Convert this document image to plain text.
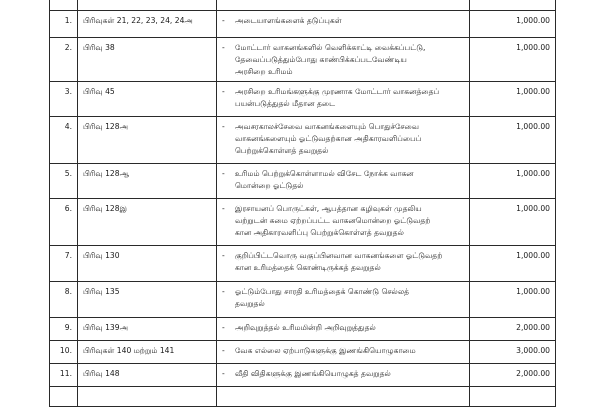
1.	பிரிவுகள் 21, 22, 23, 24, 24அ	- அடையாளங்களைக் தடுப்புகள்	1,000.00
2.	பிரிவு 38	- மோட்டார் வாகனங்களில் வெளிக்காட்டி வைக்கப்பட்டு,
தேவைப்படுத்தும்போது காண்பிக்கப்படவேண்டிய
அரசிறை உரிமம்	1,000.00
3.	பிரிவு 45	- அரசிறை உரிமங்களுக்கு முரணாக மோட்டார் வாகனத்தைப்
பயன்படுத்துதல் மீதான தடை	1,000.00
4.	பிரிவு 128அ	- அவசரகாலச்சேவை வாகனங்களையும் பொதுச்சேவை
வாகனங்களையும் ஓட்டுவதற்கான அதிகாரவளிப்பைப்
பெற்றுக்கொள்ளத் தவறுதல்	1,000.00
5.	பிரிவு 128ஆ	- உரிமம் பெற்றுக்கொள்ளாமல் விசேட நோக்க வாகன
மொன்றை ஓட்டுதல்	1,000.00
6.	பிரிவு 128இ	- இரசாயனப் பொருட்கள், ஆபத்தான கழிவுகள் முதலிய
வற்றுடன் சுமை ஏற்றப்பட்ட வாகனமொன்றை ஓட்டுவதற்
கான அதிகாரவளிப்பு பெற்றுக்கொள்ளத் தவறுதல்	1,000.00
7.	பிரிவு 130	- குறிப்பிட்டவொரு வகுப்பினவான வாகனங்களை ஓட்டுவதற்
கான உரிமத்தைக் கொண்டிருக்கத் தவறுதல்	1,000.00
8.	பிரிவு 135	- ஓட்டும்போது சாரதி உரிமத்தைக் கொண்டு செல்லத்
தவறுதல்	1,000.00
9.	பிரிவு 139அ	- அறிவுறுத்தல் உரிமமின்றி அறிவுறுத்துதல்	2,000.00
10.	பிரிவுகள் 140 மற்றும் 141	- வேக எல்லை ஏற்பாடுகளுக்கு இணங்கியொழுகாமை	3,000.00
11.	பிரிவு 148	- வீதி விதிகளுக்கு இணங்கியொழுகத் தவறுதல்	2,000.00
